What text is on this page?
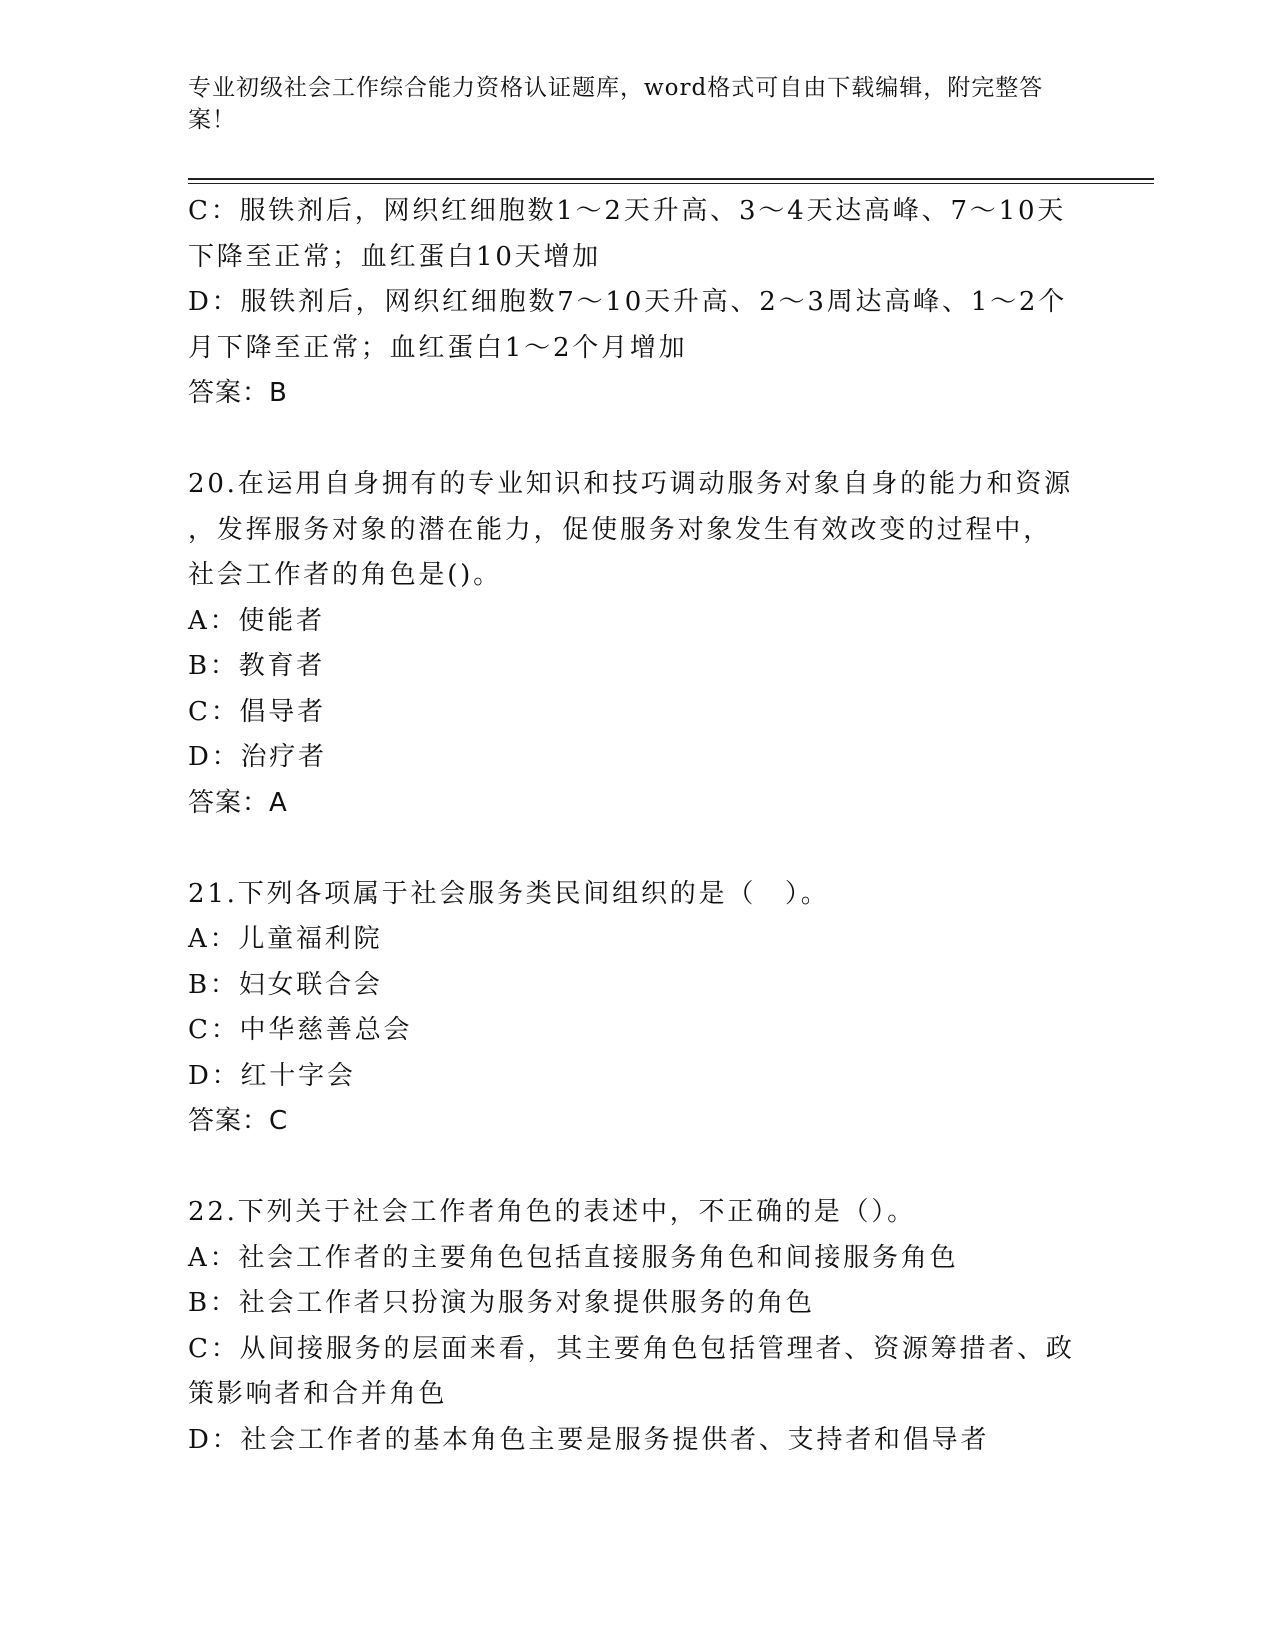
专业初级社会工作综合能力资格认证题库，word格式可自由下载编辑，附完整答
案！
C：服铁剂后，网织红细胞数1～2天升高、3～4天达高峰、7～10天
下降至正常；血红蛋白10天增加
D：服铁剂后，网织红细胞数7～10天升高、2～3周达高峰、1～2个
月下降至正常；血红蛋白1～2个月增加
答案：B
20.在运用自身拥有的专业知识和技巧调动服务对象自身的能力和资源
，发挥服务对象的潜在能力，促使服务对象发生有效改变的过程中，
社会工作者的角色是()。
A：使能者
B：教育者
C：倡导者
D：治疗者
答案：A
21.下列各项属于社会服务类民间组织的是（　）。
A：儿童福利院
B：妇女联合会
C：中华慈善总会
D：红十字会
答案：C
22.下列关于社会工作者角色的表述中，不正确的是（）。
A：社会工作者的主要角色包括直接服务角色和间接服务角色
B：社会工作者只扮演为服务对象提供服务的角色
C：从间接服务的层面来看，其主要角色包括管理者、资源筹措者、政
策影响者和合并角色
D：社会工作者的基本角色主要是服务提供者、支持者和倡导者
